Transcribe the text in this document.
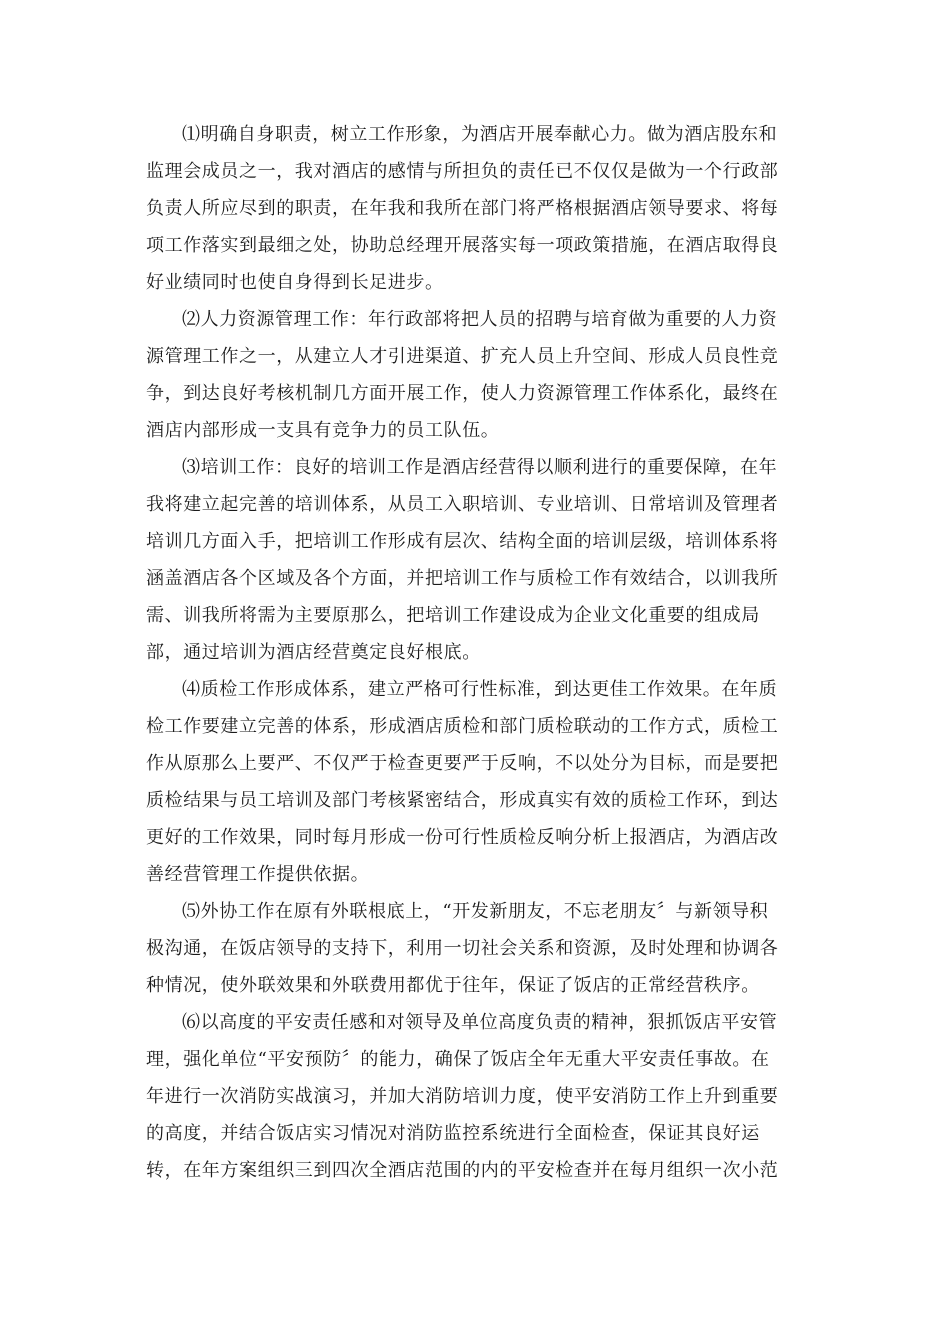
⑴明确自身职责，树立工作形象，为酒店开展奉献心力。做为酒店股东和
监理会成员之一，我对酒店的感情与所担负的责任已不仅仅是做为一个行政部
负责人所应尽到的职责，在年我和我所在部门将严格根据酒店领导要求、将每
项工作落实到最细之处，协助总经理开展落实每一项政策措施，在酒店取得良
好业绩同时也使自身得到长足进步。
⑵人力资源管理工作：年行政部将把人员的招聘与培育做为重要的人力资
源管理工作之一，从建立人才引进渠道、扩充人员上升空间、形成人员良性竞
争，到达良好考核机制几方面开展工作，使人力资源管理工作体系化，最终在
酒店内部形成一支具有竞争力的员工队伍。
⑶培训工作：良好的培训工作是酒店经营得以顺利进行的重要保障，在年
我将建立起完善的培训体系，从员工入职培训、专业培训、日常培训及管理者
培训几方面入手，把培训工作形成有层次、结构全面的培训层级，培训体系将
涵盖酒店各个区域及各个方面，并把培训工作与质检工作有效结合，以训我所
需、训我所将需为主要原那么，把培训工作建设成为企业文化重要的组成局
部，通过培训为酒店经营奠定良好根底。
⑷质检工作形成体系，建立严格可行性标准，到达更佳工作效果。在年质
检工作要建立完善的体系，形成酒店质检和部门质检联动的工作方式，质检工
作从原那么上要严、不仅严于检查更要严于反响，不以处分为目标，而是要把
质检结果与员工培训及部门考核紧密结合，形成真实有效的质检工作环，到达
更好的工作效果，同时每月形成一份可行性质检反响分析上报酒店，为酒店改
善经营管理工作提供依据。
⑸外协工作在原有外联根底上，“开发新朋友，不忘老朋友〞与新领导积
极沟通，在饭店领导的支持下，利用一切社会关系和资源，及时处理和协调各
种情况，使外联效果和外联费用都优于往年，保证了饭店的正常经营秩序。
⑹以高度的平安责任感和对领导及单位高度负责的精神，狠抓饭店平安管
理，强化单位“平安预防〞的能力，确保了饭店全年无重大平安责任事故。在
年进行一次消防实战演习，并加大消防培训力度，使平安消防工作上升到重要
的高度，并结合饭店实习情况对消防监控系统进行全面检查，保证其良好运
转，在年方案组织三到四次全酒店范围的内的平安检查并在每月组织一次小范
